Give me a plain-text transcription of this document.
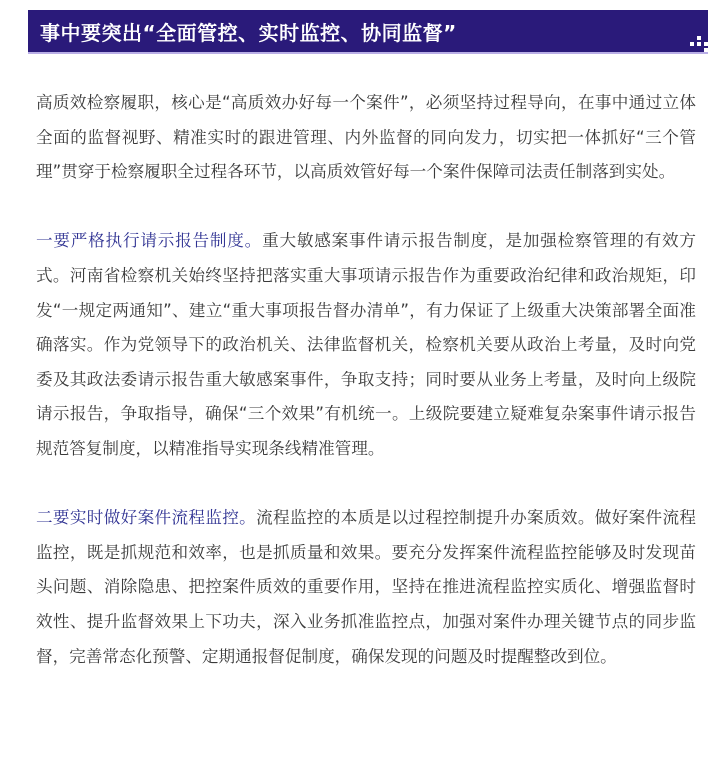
事中要突出“全面管控、实时监控、协同监督”

高质效检察履职，核心是“高质效办好每一个案件”，必须坚持过程导向，在事中通过立体全面的监督视野、精准实时的跟进管理、内外监督的同向发力，切实把一体抓好“三个管理”贯穿于检察履职全过程各环节，以高质效管好每一个案件保障司法责任制落到实处。

一要严格执行请示报告制度。重大敏感案事件请示报告制度，是加强检察管理的有效方式。河南省检察机关始终坚持把落实重大事项请示报告作为重要政治纪律和政治规矩，印发“一规定两通知”、建立“重大事项报告督办清单”，有力保证了上级重大决策部署全面准确落实。作为党领导下的政治机关、法律监督机关，检察机关要从政治上考量，及时向党委及其政法委请示报告重大敏感案事件，争取支持；同时要从业务上考量，及时向上级院请示报告，争取指导，确保“三个效果”有机统一。上级院要建立疑难复杂案事件请示报告规范答复制度，以精准指导实现条线精准管理。

二要实时做好案件流程监控。流程监控的本质是以过程控制提升办案质效。做好案件流程监控，既是抓规范和效率，也是抓质量和效果。要充分发挥案件流程监控能够及时发现苗头问题、消除隐患、把控案件质效的重要作用，坚持在推进流程监控实质化、增强监督时效性、提升监督效果上下功夫，深入业务抓准监控点，加强对案件办理关键节点的同步监督，完善常态化预警、定期通报督促制度，确保发现的问题及时提醒整改到位。
